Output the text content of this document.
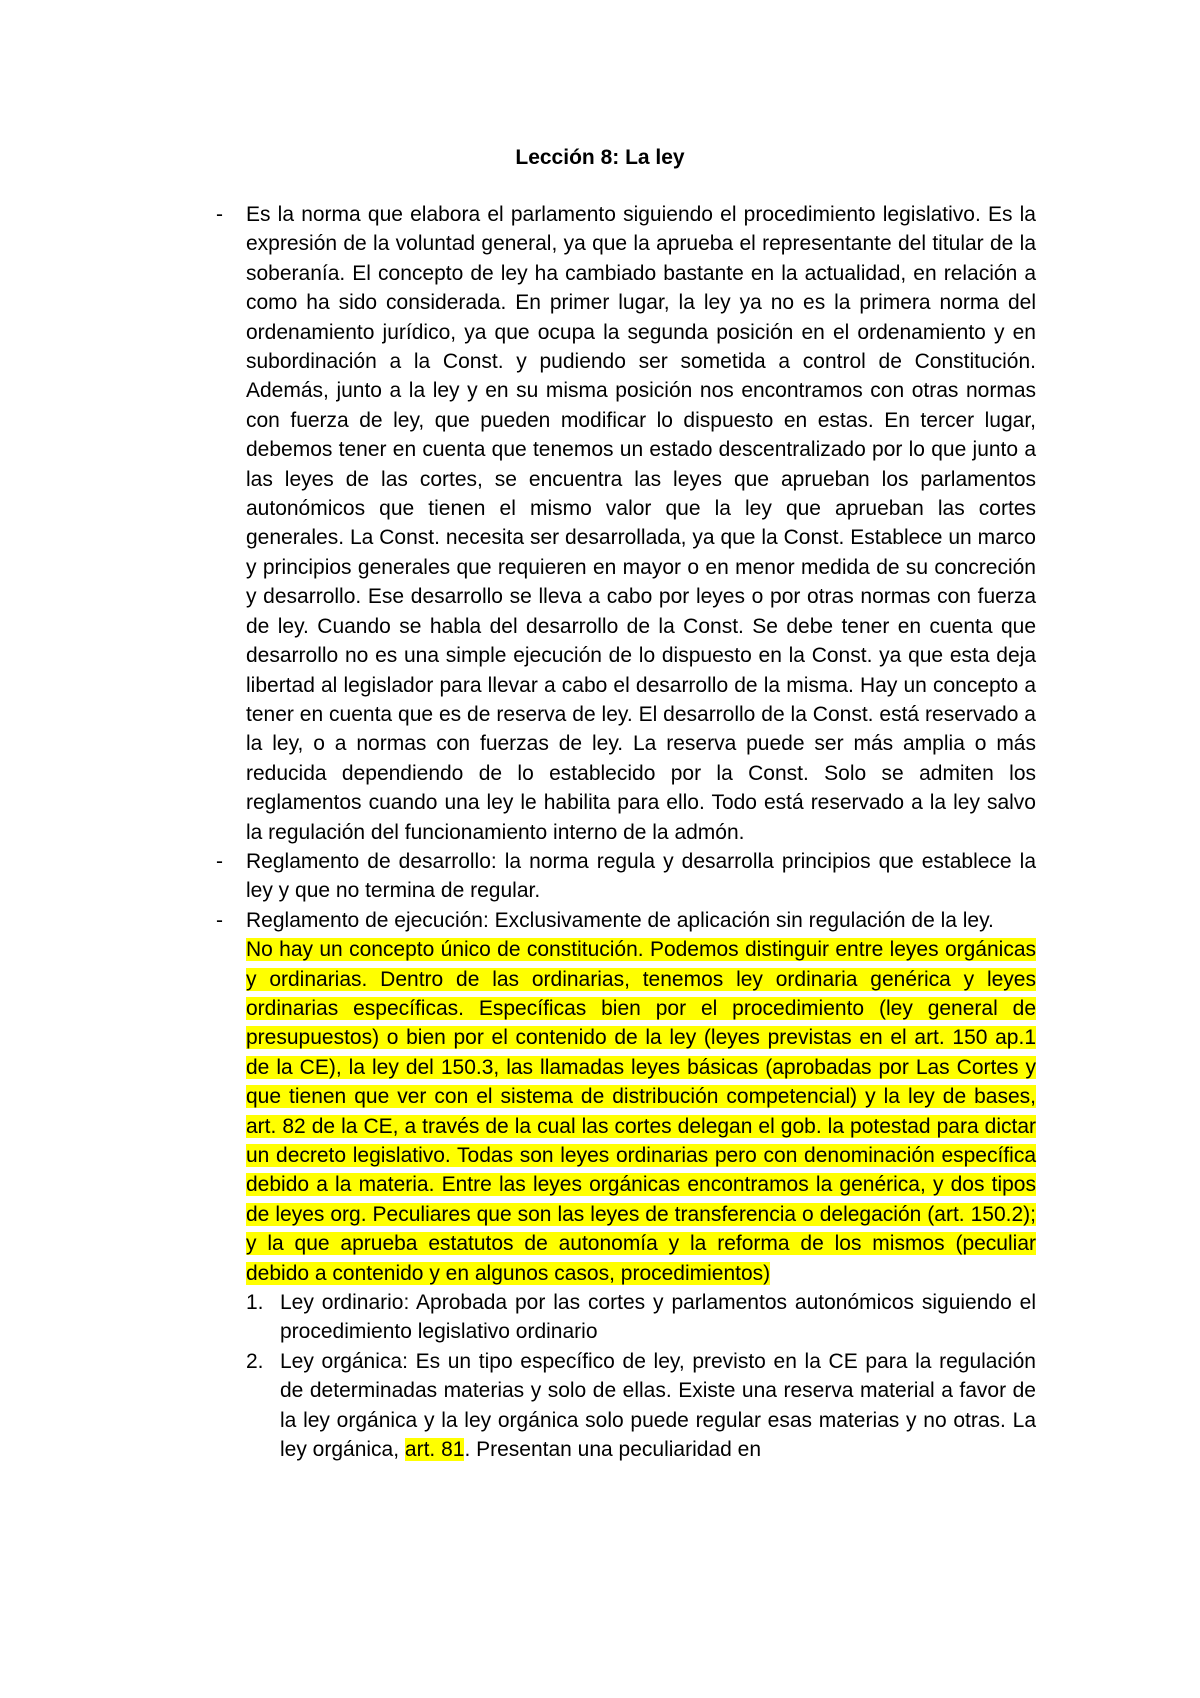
Lección 8: La ley
- Es la norma que elabora el parlamento siguiendo el procedimiento legislativo. Es la expresión de la voluntad general, ya que la aprueba el representante del titular de la soberanía. El concepto de ley ha cambiado bastante en la actualidad, en relación a como ha sido considerada. En primer lugar, la ley ya no es la primera norma del ordenamiento jurídico, ya que ocupa la segunda posición en el ordenamiento y en subordinación a la Const. y pudiendo ser sometida a control de Constitución. Además, junto a la ley y en su misma posición nos encontramos con otras normas con fuerza de ley, que pueden modificar lo dispuesto en estas. En tercer lugar, debemos tener en cuenta que tenemos un estado descentralizado por lo que junto a las leyes de las cortes, se encuentra las leyes que aprueban los parlamentos autonómicos que tienen el mismo valor que la ley que aprueban las cortes generales. La Const. necesita ser desarrollada, ya que la Const. Establece un marco y principios generales que requieren en mayor o en menor medida de su concreción y desarrollo. Ese desarrollo se lleva a cabo por leyes o por otras normas con fuerza de ley. Cuando se habla del desarrollo de la Const. Se debe tener en cuenta que desarrollo no es una simple ejecución de lo dispuesto en la Const. ya que esta deja libertad al legislador para llevar a cabo el desarrollo de la misma. Hay un concepto a tener en cuenta que es de reserva de ley. El desarrollo de la Const. está reservado a la ley, o a normas con fuerzas de ley. La reserva puede ser más amplia o más reducida dependiendo de lo establecido por la Const. Solo se admiten los reglamentos cuando una ley le habilita para ello. Todo está reservado a la ley salvo la regulación del funcionamiento interno de la admón.
- Reglamento de desarrollo: la norma regula y desarrolla principios que establece la ley y que no termina de regular.
- Reglamento de ejecución: Exclusivamente de aplicación sin regulación de la ley.
No hay un concepto único de constitución. Podemos distinguir entre leyes orgánicas y ordinarias. Dentro de las ordinarias, tenemos ley ordinaria genérica y leyes ordinarias específicas. Específicas bien por el procedimiento (ley general de presupuestos) o bien por el contenido de la ley (leyes previstas en el art. 150 ap.1 de la CE), la ley del 150.3, las llamadas leyes básicas (aprobadas por Las Cortes y que tienen que ver con el sistema de distribución competencial) y la ley de bases, art. 82 de la CE, a través de la cual las cortes delegan el gob. la potestad para dictar un decreto legislativo. Todas son leyes ordinarias pero con denominación específica debido a la materia. Entre las leyes orgánicas encontramos la genérica, y dos tipos de leyes org. Peculiares que son las leyes de transferencia o delegación (art. 150.2); y la que aprueba estatutos de autonomía y la reforma de los mismos (peculiar debido a contenido y en algunos casos, procedimientos)
1. Ley ordinario: Aprobada por las cortes y parlamentos autonómicos siguiendo el procedimiento legislativo ordinario
2. Ley orgánica: Es un tipo específico de ley, previsto en la CE para la regulación de determinadas materias y solo de ellas. Existe una reserva material a favor de la ley orgánica y la ley orgánica solo puede regular esas materias y no otras. La ley orgánica, art. 81. Presentan una peculiaridad en
